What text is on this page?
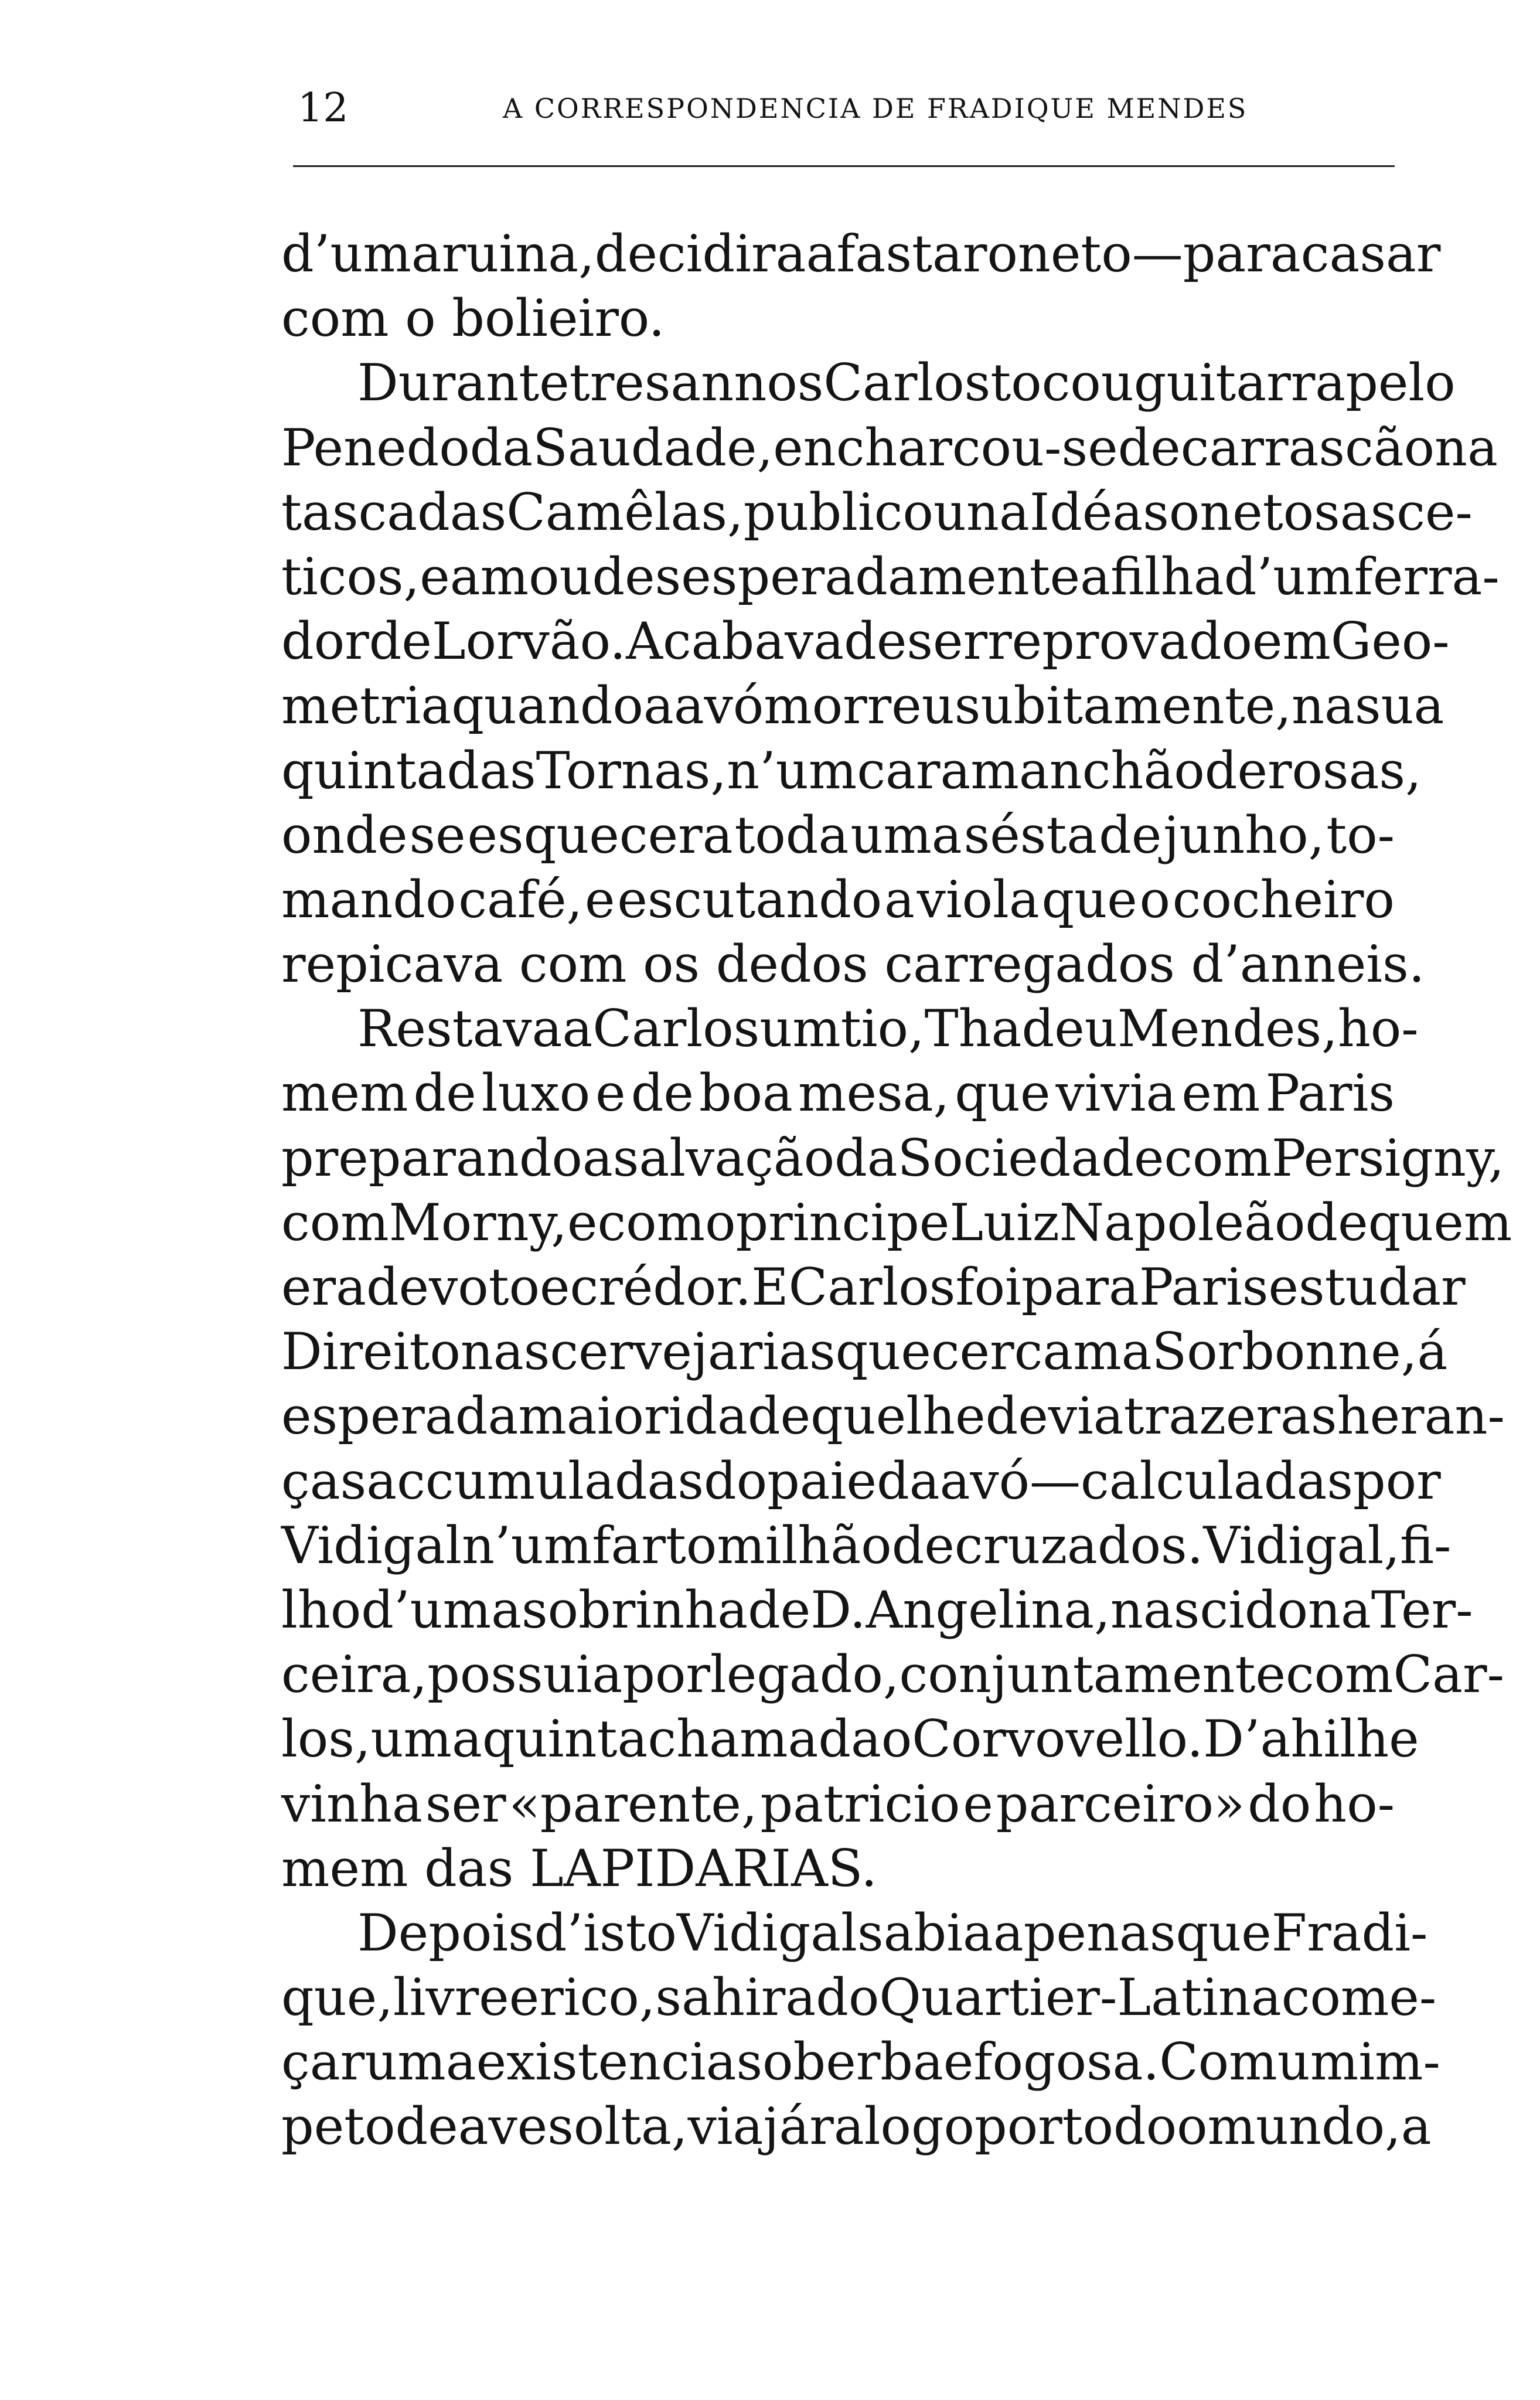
12	A CORRESPONDENCIA DE FRADIQUE MENDES
d’uma ruina, decidira afastar o neto — para casar
com o bolieiro.
Durante tres annos Carlos tocou guitarra pelo
Penedo da Saudade, encharcou-se de carrascão na
tasca das Camêlas, publicou na Idéa sonetos asce-
ticos, e amou desesperadamente a filha d’um ferra-
dor de Lorvão. Acabava de ser reprovado em Geo-
metria quando a avó morreu subitamente, na sua
quinta das Tornas, n’um caramanchão de rosas,
onde se esquecera toda uma sésta de junho, to-
mando café, e escutando a viola que o cocheiro
repicava com os dedos carregados d’anneis.
Restava a Carlos um tio, Thadeu Mendes, ho-
mem de luxo e de boa mesa, que vivia em Paris
preparando a salvação da Sociedade com Persigny,
com Morny, e com o principe Luiz Napoleão de quem
era devoto e crédor. E Carlos foi para Paris estudar
Direito nas cervejarias que cercam a Sorbonne, á
espera da maioridade que lhe devia trazer as heran-
ças accumuladas do pai e da avó — calculadas por
Vidigal n’um farto milhão de cruzados. Vidigal, fi-
lho d’uma sobrinha de D. Angelina, nascido na Ter-
ceira, possuia por legado, conjuntamente com Car-
los, uma quinta chamada o Corvovello. D’ahi lhe
vinha ser «parente, patricio e parceiro» do ho-
mem das LAPIDARIAS.
Depois d’isto Vidigal sabia apenas que Fradi-
que, livre e rico, sahira do Quartier-Latin a come-
çar uma existencia soberba e fogosa. Com um im-
peto de ave solta, viajára logo por todo o mundo, a
